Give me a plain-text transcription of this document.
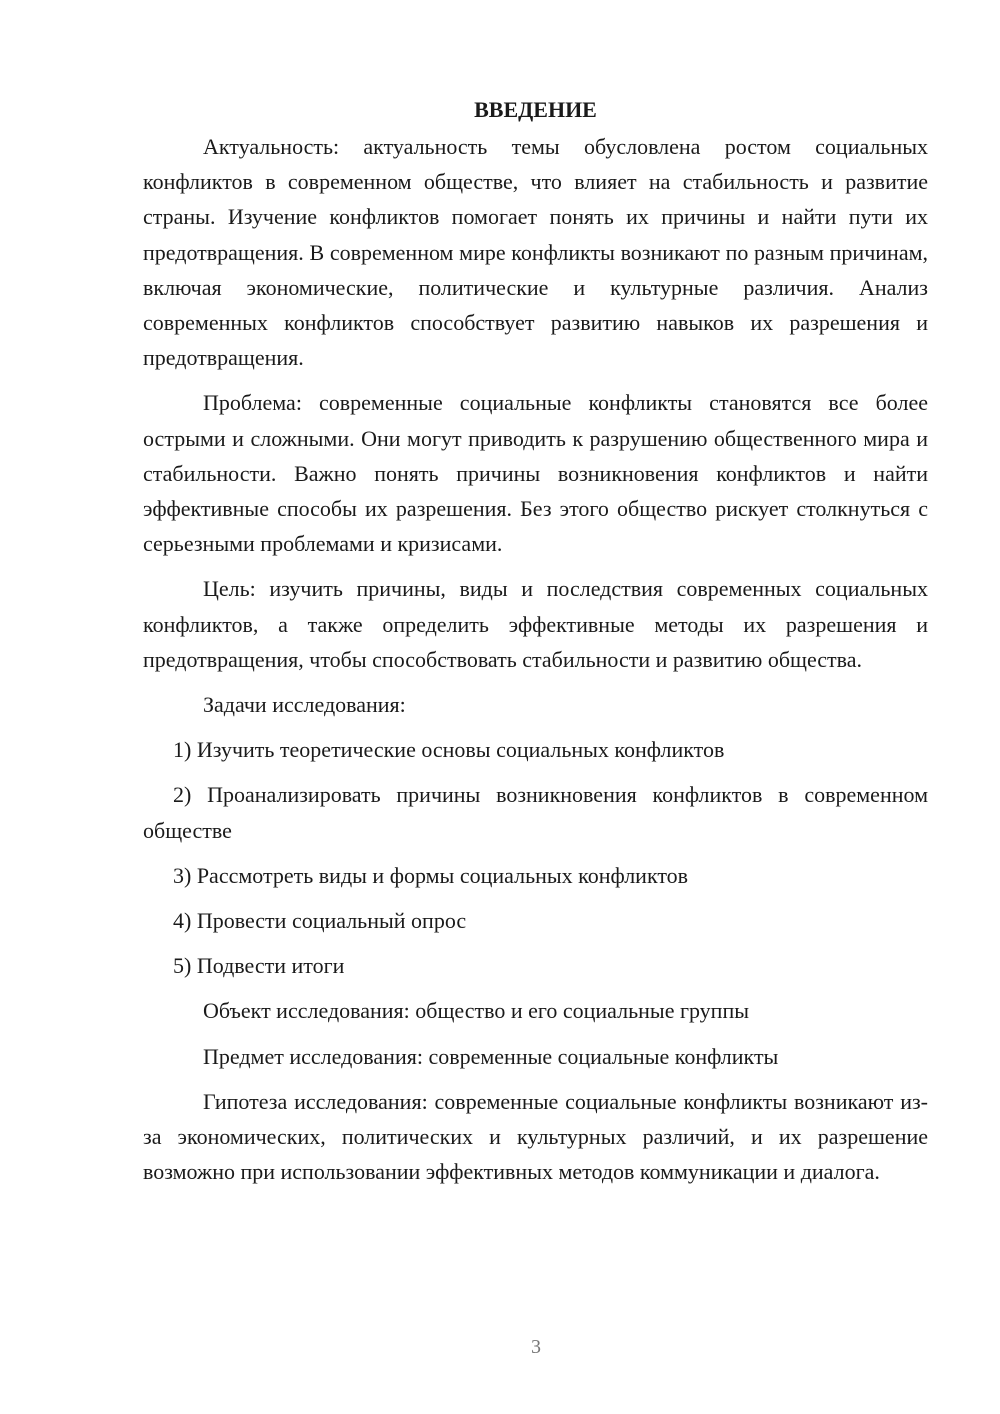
ВВЕДЕНИЕ

Актуальность: актуальность темы обусловлена ростом социальных конфликтов в современном обществе, что влияет на стабильность и развитие страны. Изучение конфликтов помогает понять их причины и найти пути их предотвращения. В современном мире конфликты возникают по разным причинам, включая экономические, политические и культурные различия. Анализ современных конфликтов способствует развитию навыков их разрешения и предотвращения.

Проблема: современные социальные конфликты становятся все более острыми и сложными. Они могут приводить к разрушению общественного мира и стабильности. Важно понять причины возникновения конфликтов и найти эффективные способы их разрешения. Без этого общество рискует столкнуться с серьезными проблемами и кризисами.

Цель: изучить причины, виды и последствия современных социальных конфликтов, а также определить эффективные методы их разрешения и предотвращения, чтобы способствовать стабильности и развитию общества.

Задачи исследования:

1) Изучить теоретические основы социальных конфликтов

2) Проанализировать причины возникновения конфликтов в современном обществе

3) Рассмотреть виды и формы социальных конфликтов

4) Провести социальный опрос

5) Подвести итоги

Объект исследования: общество и его социальные группы

Предмет исследования: современные социальные конфликты

Гипотеза исследования: современные социальные конфликты возникают из-за экономических, политических и культурных различий, и их разрешение возможно при использовании эффективных методов коммуникации и диалога.

3
